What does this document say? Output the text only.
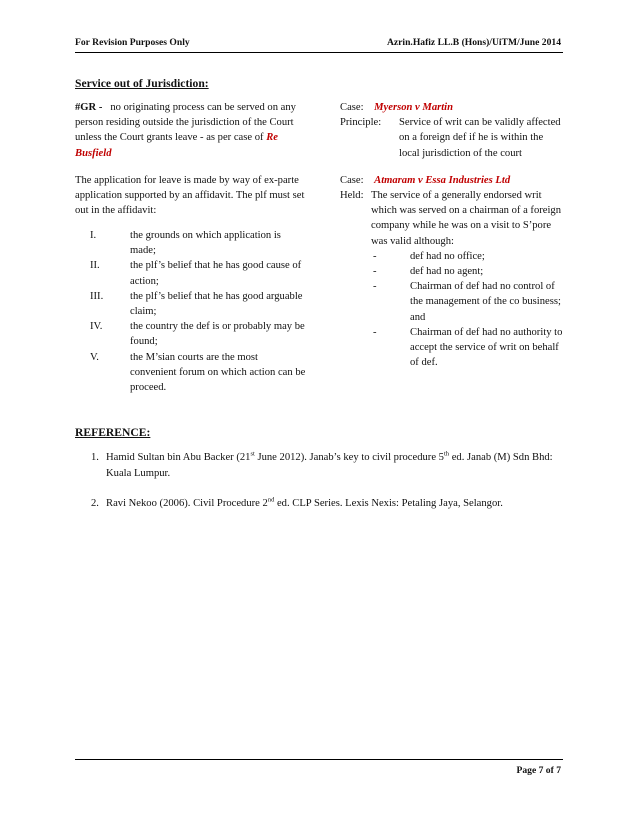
For Revision Purposes Only	Azrin.Hafiz LL.B (Hons)/UiTM/June 2014
Service out of Jurisdiction:

#GR - no originating process can be served on any person residing outside the jurisdiction of the Court unless the Court grants leave - as per case of Re Busfield

The application for leave is made by way of ex-parte application supported by an affidavit. The plf must set out in the affidavit:

I.	the grounds on which application is made;
II.	the plf’s belief that he has good cause of action;
III.	the plf’s belief that he has good arguable claim;
IV.	the country the def is or probably may be found;
V.	the M’sian courts are the most convenient forum on which action can be proceed.
Case: Myerson v Martin
Principle:	Service of writ can be validly affected on a foreign def if he is within the local jurisdiction of the court
Case: Atmaram v Essa Industries Ltd
Held: The service of a generally endorsed writ which was served on a chairman of a foreign company while he was on a visit to S’pore was valid although:
-	def had no office;
-	def had no agent;
-	Chairman of def had no control of the management of the co business; and
-	Chairman of def had no authority to accept the service of writ on behalf of def.
REFERENCE:
1. Hamid Sultan bin Abu Backer (21st June 2012). Janab’s key to civil procedure 5th ed. Janab (M) Sdn Bhd: Kuala Lumpur.
2. Ravi Nekoo (2006). Civil Procedure 2nd ed. CLP Series. Lexis Nexis: Petaling Jaya, Selangor.
Page 7 of 7
